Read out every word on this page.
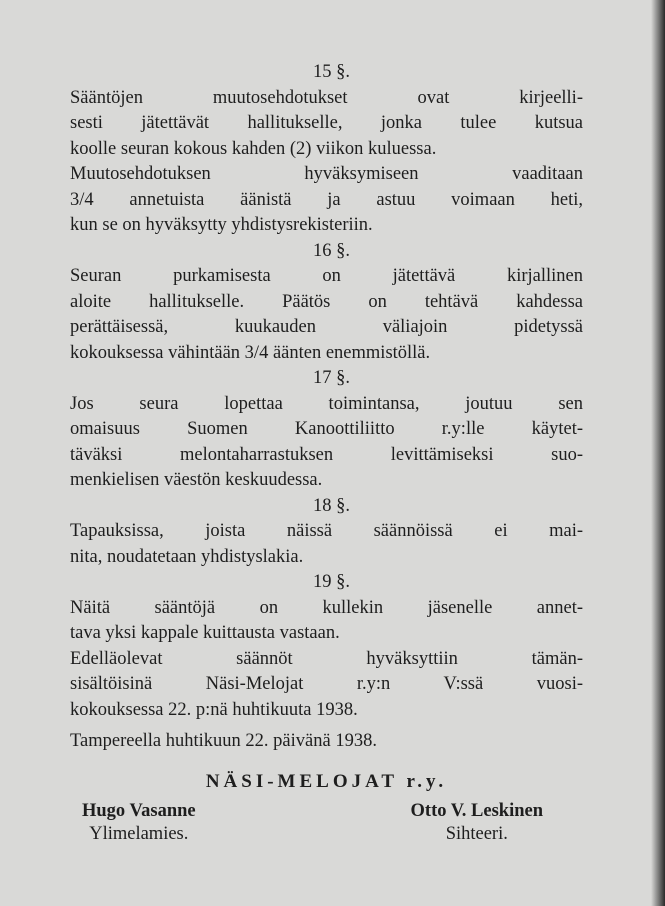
15 §.

Sääntöjen muutosehdotukset ovat kirjeelli-
sesti jätettävät hallitukselle, jonka tulee kutsua
koolle seuran kokous kahden (2) viikon kuluessa.
Muutosehdotuksen hyväksymiseen vaaditaan
3/4 annetuista äänistä ja astuu voimaan heti,
kun se on hyväksytty yhdistysrekisteriin.

16 §.

Seuran purkamisesta on jätettävä kirjallinen
aloite hallitukselle. Päätös on tehtävä kahdessa
perättäisessä, kuukauden väliajoin pidetyssä
kokouksessa vähintään 3/4 äänten enemmistöllä.

17 §.

Jos seura lopettaa toimintansa, joutuu sen
omaisuus Suomen Kanoottiliitto r.y:lle käytet-
täväksi melontaharrastuksen levittämiseksi suo-
menkielisen väestön keskuudessa.

18 §.

Tapauksissa, joista näissä säännöissä ei mai-
nita, noudatetaan yhdistyslakia.

19 §.

Näitä sääntöjä on kullekin jäsenelle annet-
tava yksi kappale kuittausta vastaan.
Edelläolevat säännöt hyväksyttiin tämän-
sisältöisinä Näsi-Melojat r.y:n V:ssä vuosi-
kokouksessa 22. p:nä huhtikuuta 1938.

Tampereella huhtikuun 22. päivänä 1938.

NÄSI-MELOJAT r.y.
Hugo Vasanne
Ylimelamies.
Otto V. Leskinen
Sihteeri.
